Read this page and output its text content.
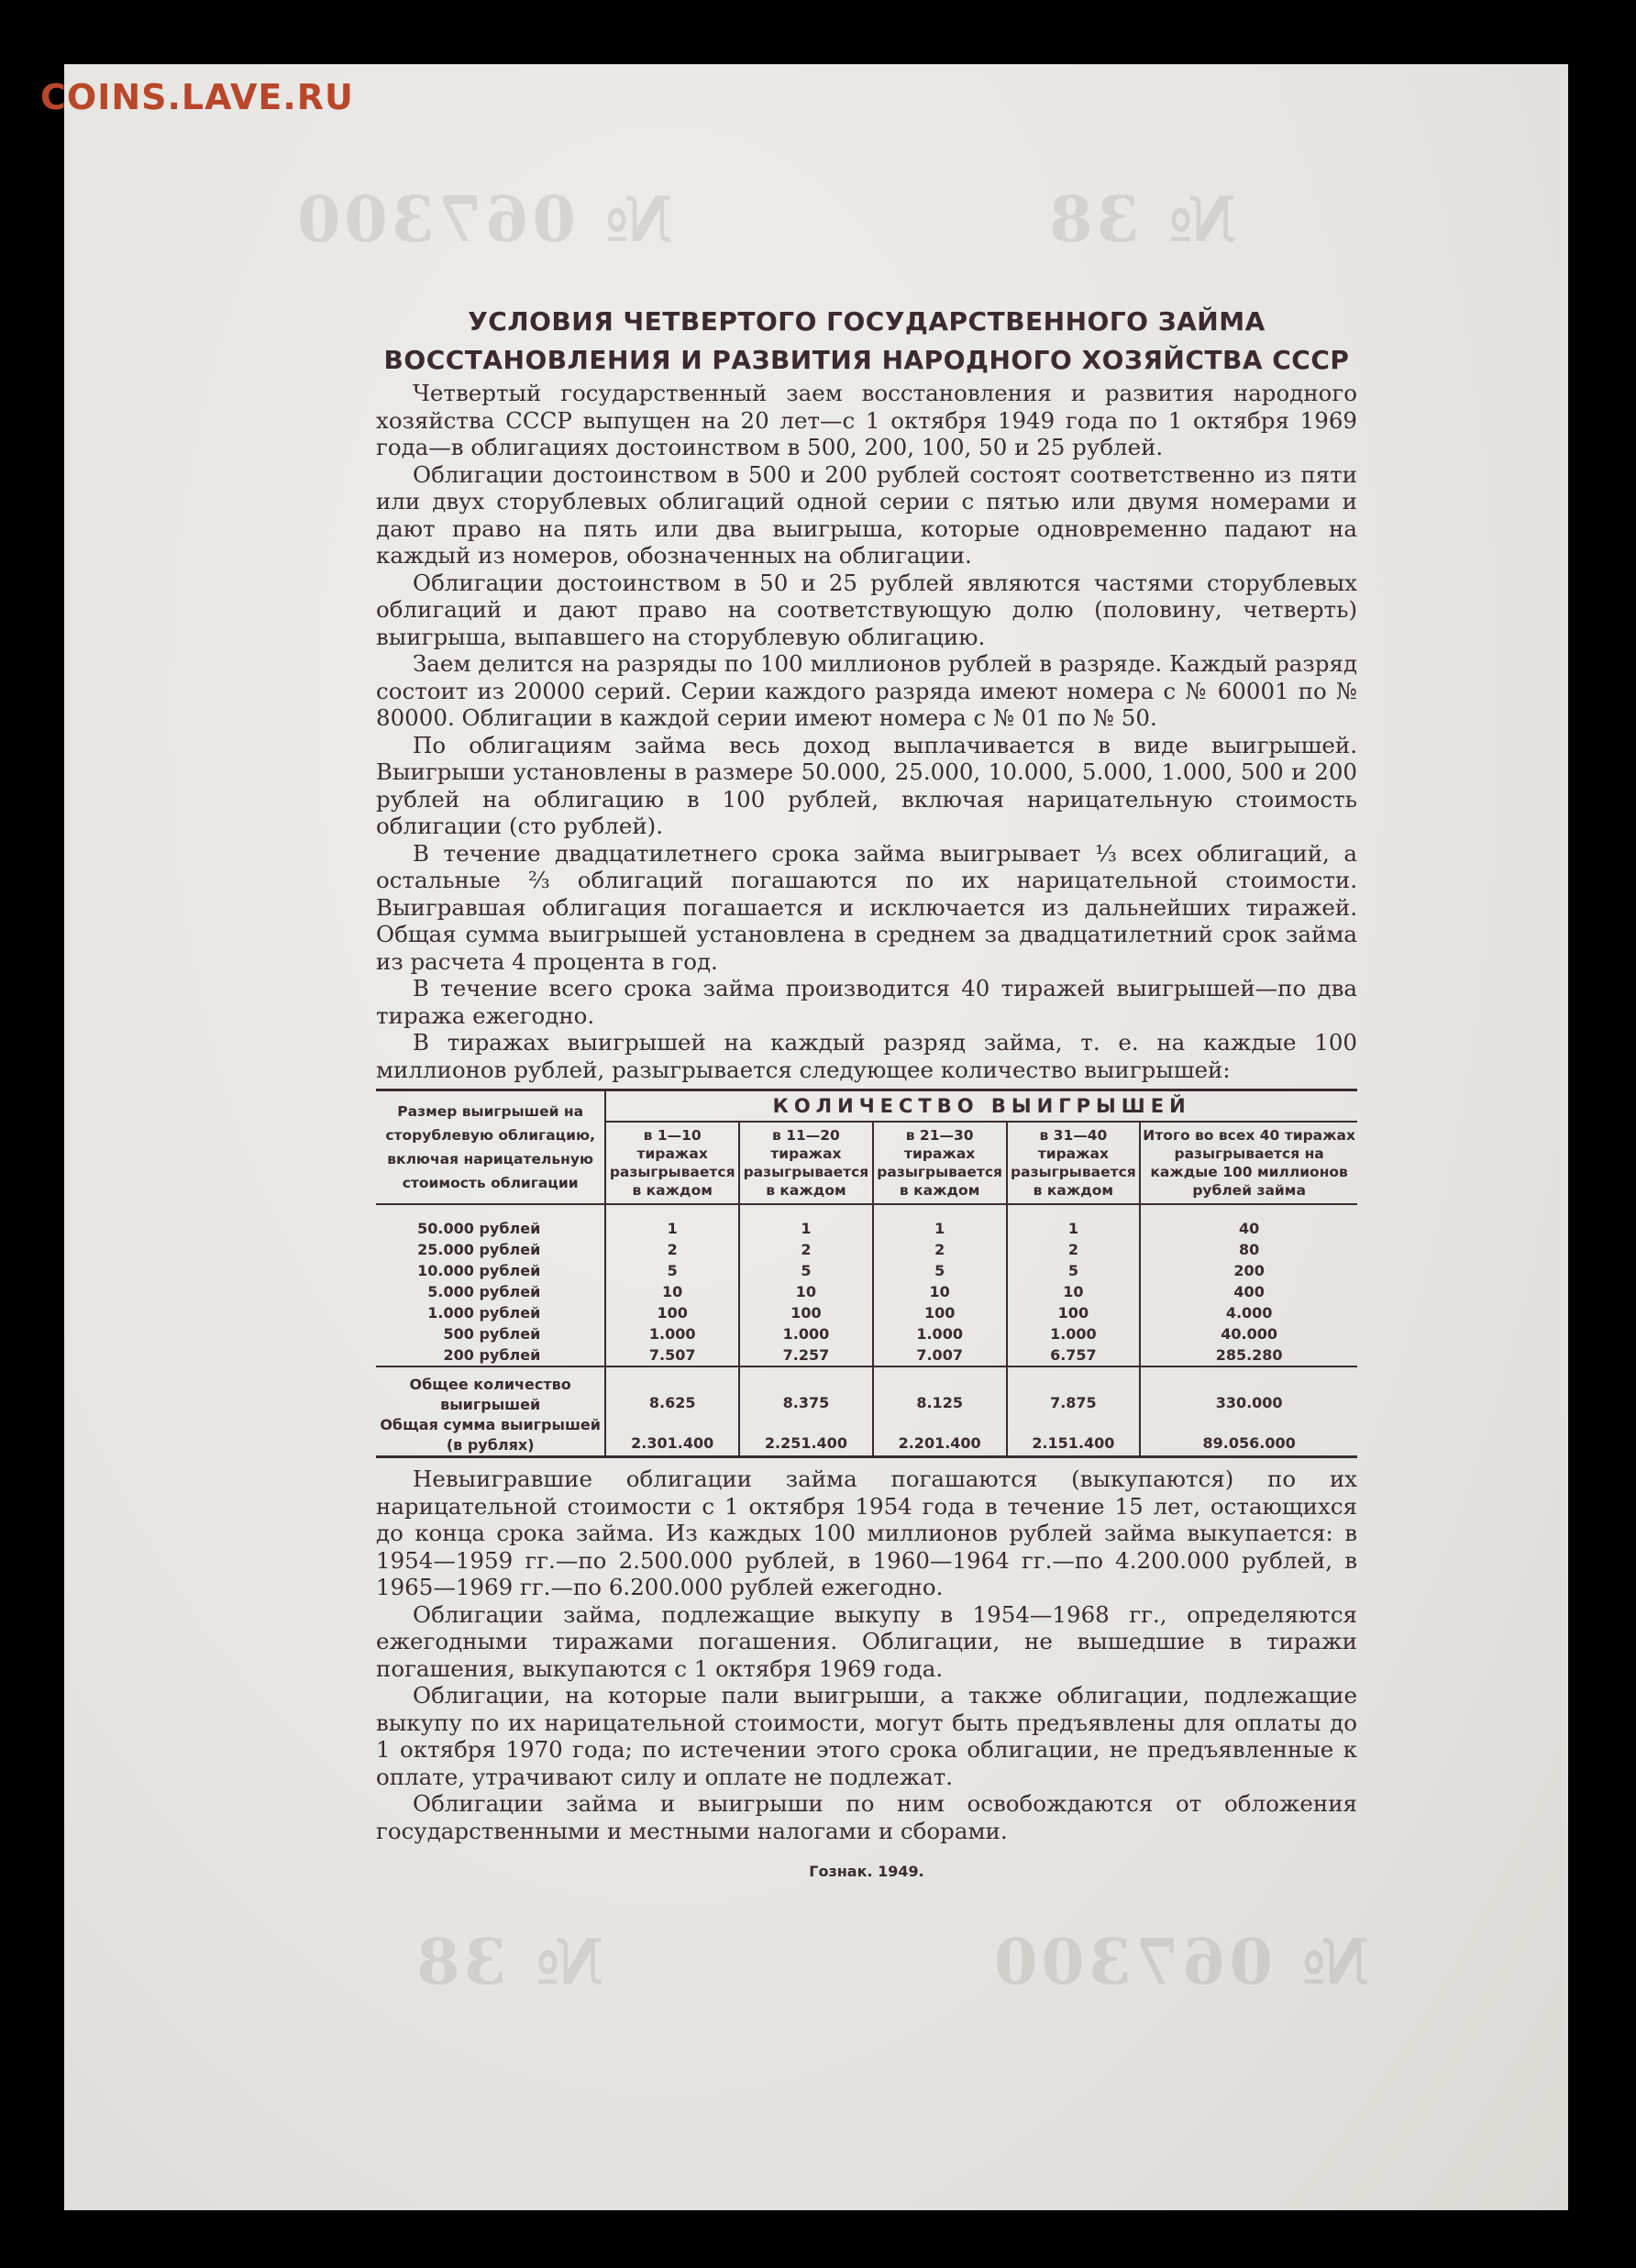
COINS.LAVE.RU
№ 38
№ 067300
№ 38	№ 067300
УСЛОВИЯ ЧЕТВЕРТОГО ГОСУДАРСТВЕННОГО ЗАЙМА
ВОССТАНОВЛЕНИЯ И РАЗВИТИЯ НАРОДНОГО ХОЗЯЙСТВА СССР

Четвертый государственный заем восстановления и развития народного хозяйства СССР выпущен на 20 лет—с 1 октября 1949 года по 1 октября 1969 года—в облигациях достоинством в 500, 200, 100, 50 и 25 рублей.

Облигации достоинством в 500 и 200 рублей состоят соответственно из пяти или двух сторублевых облигаций одной серии с пятью или двумя номерами и дают право на пять или два выигрыша, которые одновременно падают на каждый из номеров, обозначенных на облигации.

Облигации достоинством в 50 и 25 рублей являются частями сторублевых облигаций и дают право на соответствующую долю (половину, четверть) выигрыша, выпавшего на сторублевую облигацию.

Заем делится на разряды по 100 миллионов рублей в разряде. Каждый разряд состоит из 20000 серий. Серии каждого разряда имеют номера с № 60001 по № 80000. Облигации в каждой серии имеют номера с № 01 по № 50.

По облигациям займа весь доход выплачивается в виде выигрышей. Выигрыши установлены в размере 50.000, 25.000, 10.000, 5.000, 1.000, 500 и 200 рублей на облигацию в 100 рублей, включая нарицательную стоимость облигации (сто рублей).

В течение двадцатилетнего срока займа выигрывает ⅓ всех облигаций, а остальные ⅔ облигаций погашаются по их нарицательной стоимости. Выигравшая облигация погашается и исключается из дальнейших тиражей. Общая сумма выигрышей установлена в среднем за двадцатилетний срок займа из расчета 4 процента в год.

В течение всего срока займа производится 40 тиражей выигрышей—по два тиража ежегодно.

В тиражах выигрышей на каждый разряд займа, т. е. на каждые 100 миллионов рублей, разыгрывается следующее количество выигрышей:

Размер выигрышей на сторублевую облигацию, включая нарицательную стоимость облигации	КОЛИЧЕСТВО ВЫИГРЫШЕЙ				
	в 1—10 тиражах разыгрывается в каждом	в 11—20 тиражах разыгрывается в каждом	в 21—30 тиражах разыгрывается в каждом	в 31—40 тиражах разыгрывается в каждом	Итого во всех 40 тиражах разыгрывается на каждые 100 миллионов рублей займа

50.000 рублей	1	1	1	1	40
25.000 рублей	2	2	2	2	80
10.000 рублей	5	5	5	5	200
5.000 рублей	10	10	10	10	400
1.000 рублей	100	100	100	100	4.000
500 рублей	1.000	1.000	1.000	1.000	40.000
200 рублей	7.507	7.257	7.007	6.757	285.280

Общее количество выигрышей	8.625	8.375	8.125	7.875	330.000
Общая сумма выигрышей (в рублях)	2.301.400	2.251.400	2.201.400	2.151.400	89.056.000

Невыигравшие облигации займа погашаются (выкупаются) по их нарицательной стоимости с 1 октября 1954 года в течение 15 лет, остающихся до конца срока займа. Из каждых 100 миллионов рублей займа выкупается: в 1954—1959 гг.—по 2.500.000 рублей, в 1960—1964 гг.—по 4.200.000 рублей, в 1965—1969 гг.—по 6.200.000 рублей ежегодно.

Облигации займа, подлежащие выкупу в 1954—1968 гг., определяются ежегодными тиражами погашения. Облигации, не вышедшие в тиражи погашения, выкупаются с 1 октября 1969 года.

Облигации, на которые пали выигрыши, а также облигации, подлежащие выкупу по их нарицательной стоимости, могут быть предъявлены для оплаты до 1 октября 1970 года; по истечении этого срока облигации, не предъявленные к оплате, утрачивают силу и оплате не подлежат.

Облигации займа и выигрыши по ним освобождаются от обложения государственными и местными налогами и сборами.

Гознак. 1949.
